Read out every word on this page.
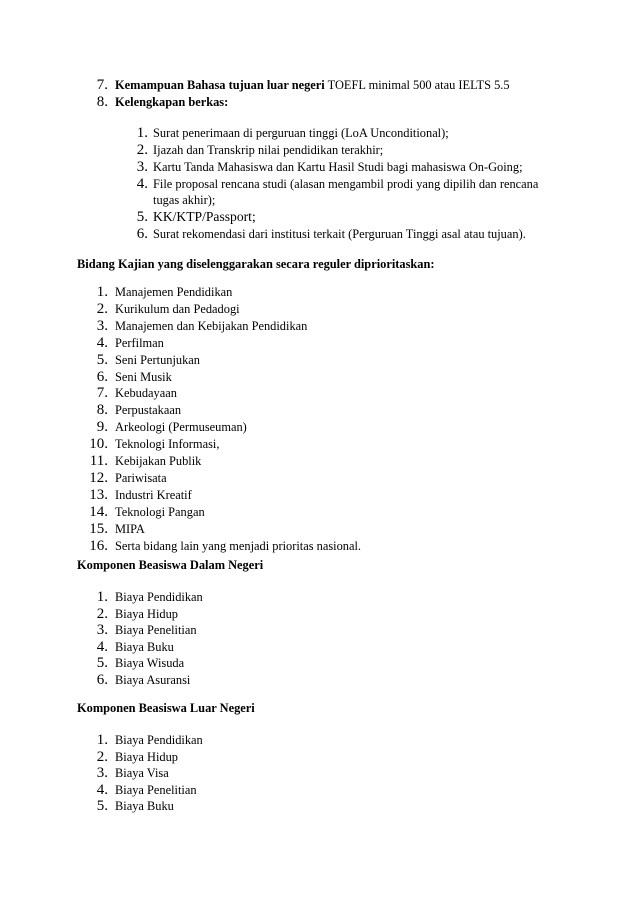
7. Kemampuan Bahasa tujuan luar negeri TOEFL minimal 500 atau IELTS 5.5
8. Kelengkapan berkas:
1. Surat penerimaan di perguruan tinggi (LoA Unconditional);
2. Ijazah dan Transkrip nilai pendidikan terakhir;
3. Kartu Tanda Mahasiswa dan Kartu Hasil Studi bagi mahasiswa On-Going;
4. File proposal rencana studi (alasan mengambil prodi yang dipilih dan rencana
tugas akhir);
5. KK/KTP/Passport;
6. Surat rekomendasi dari institusi terkait (Perguruan Tinggi asal atau tujuan).
Bidang Kajian yang diselenggarakan secara reguler diprioritaskan:
1. Manajemen Pendidikan
2. Kurikulum dan Pedadogi
3. Manajemen dan Kebijakan Pendidikan
4. Perfilman
5. Seni Pertunjukan
6. Seni Musik
7. Kebudayaan
8. Perpustakaan
9. Arkeologi (Permuseuman)
10. Teknologi Informasi,
11. Kebijakan Publik
12. Pariwisata
13. Industri Kreatif
14. Teknologi Pangan
15. MIPA
16. Serta bidang lain yang menjadi prioritas nasional.
Komponen Beasiswa Dalam Negeri
1. Biaya Pendidikan
2. Biaya Hidup
3. Biaya Penelitian
4. Biaya Buku
5. Biaya Wisuda
6. Biaya Asuransi
Komponen Beasiswa Luar Negeri
1. Biaya Pendidikan
2. Biaya Hidup
3. Biaya Visa
4. Biaya Penelitian
5. Biaya Buku
